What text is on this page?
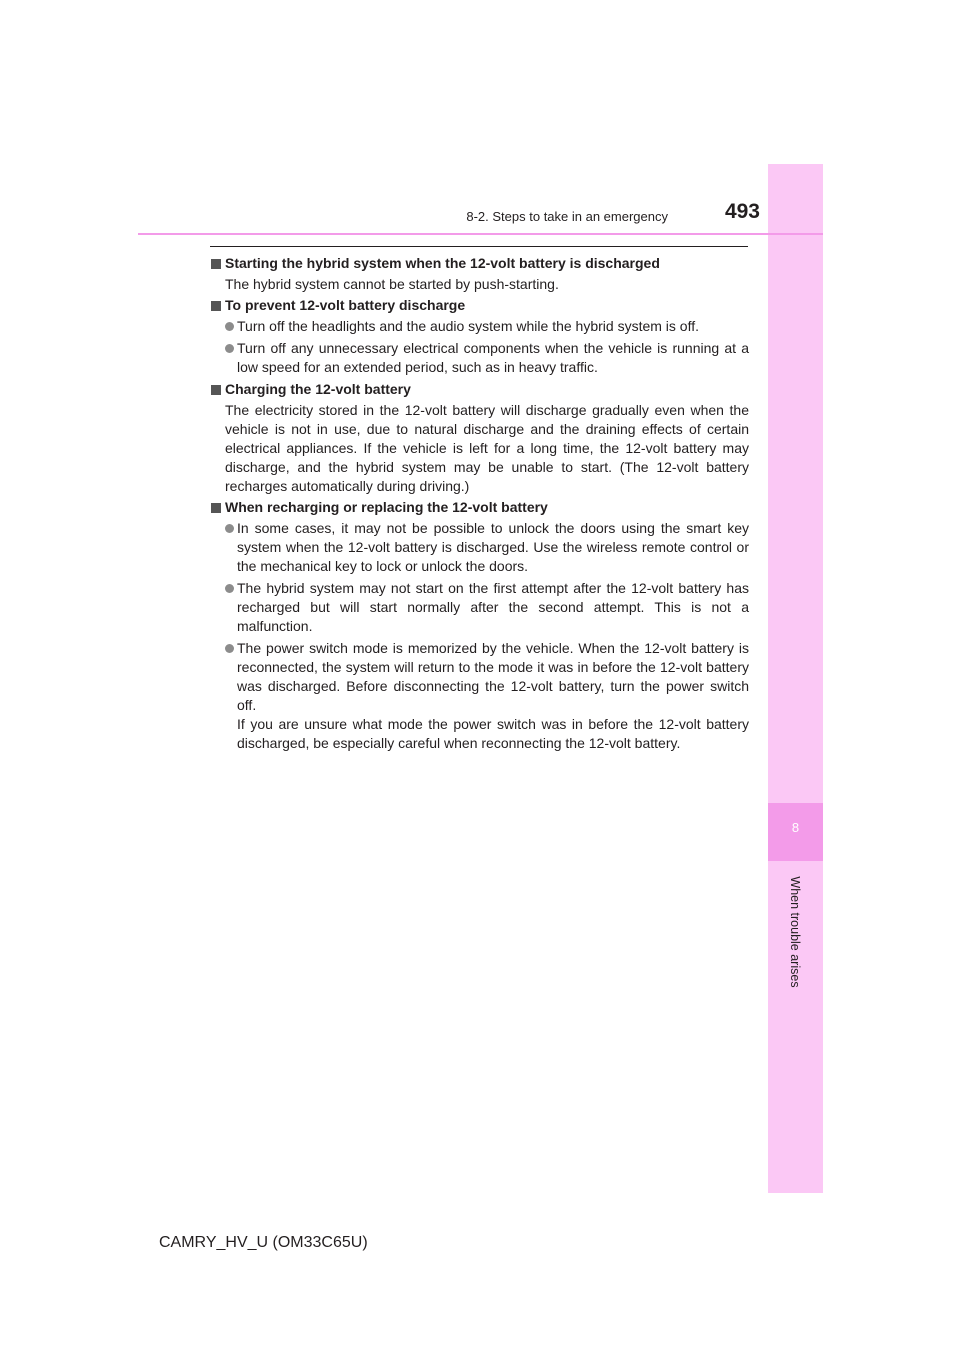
8
When trouble arises
8-2. Steps to take in an emergency	493
Starting the hybrid system when the 12-volt battery is discharged
The hybrid system cannot be started by push-starting.
To prevent 12-volt battery discharge
Turn off the headlights and the audio system while the hybrid system is off.
Turn off any unnecessary electrical components when the vehicle is running at a low speed for an extended period, such as in heavy traffic.
Charging the 12-volt battery
The electricity stored in the 12-volt battery will discharge gradually even when the vehicle is not in use, due to natural discharge and the draining effects of certain electrical appliances. If the vehicle is left for a long time, the 12-volt battery may discharge, and the hybrid system may be unable to start. (The 12-volt battery recharges automatically during driving.)
When recharging or replacing the 12-volt battery
In some cases, it may not be possible to unlock the doors using the smart key system when the 12-volt battery is discharged. Use the wireless remote control or the mechanical key to lock or unlock the doors.
The hybrid system may not start on the first attempt after the 12-volt battery has recharged but will start normally after the second attempt. This is not a malfunction.
The power switch mode is memorized by the vehicle. When the 12-volt battery is reconnected, the system will return to the mode it was in before the 12-volt battery was discharged. Before disconnecting the 12-volt battery, turn the power switch off.
If you are unsure what mode the power switch was in before the 12-volt battery discharged, be especially careful when reconnecting the 12-volt battery.
CAMRY_HV_U (OM33C65U)
